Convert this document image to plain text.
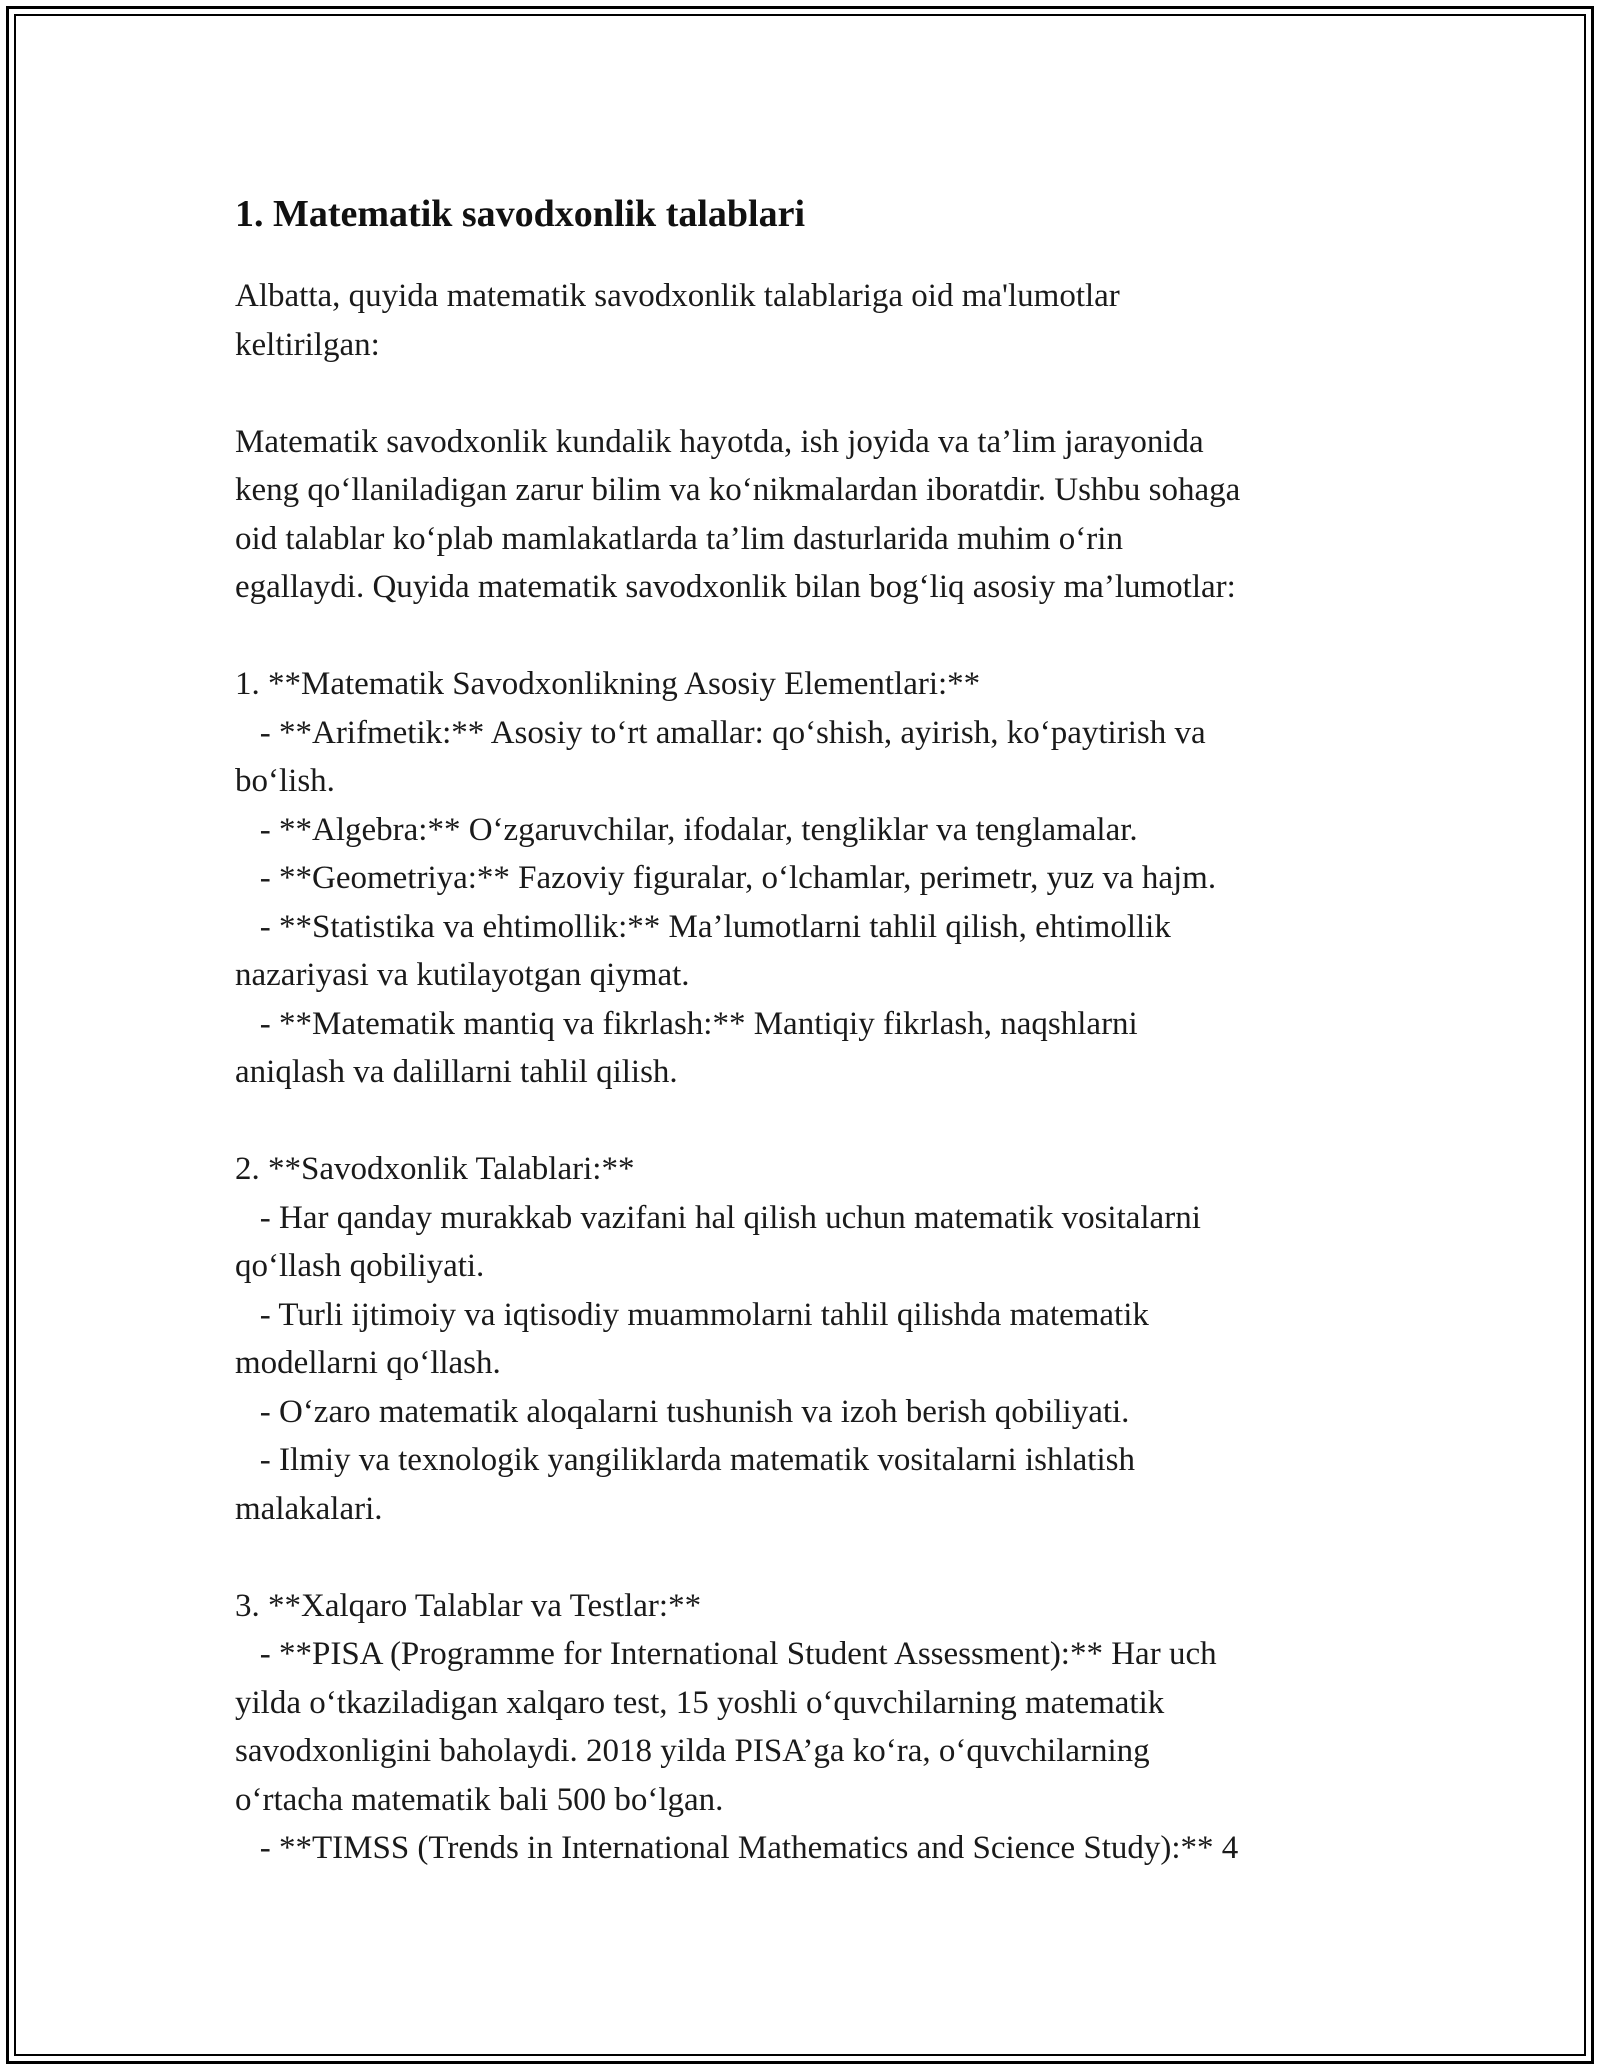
1. Matematik savodxonlik talablari

Albatta, quyida matematik savodxonlik talablariga oid ma'lumotlar
keltirilgan:

Matematik savodxonlik kundalik hayotda, ish joyida va ta’lim jarayonida
keng qo‘llaniladigan zarur bilim va ko‘nikmalardan iboratdir. Ushbu sohaga
oid talablar ko‘plab mamlakatlarda ta’lim dasturlarida muhim o‘rin
egallaydi. Quyida matematik savodxonlik bilan bog‘liq asosiy ma’lumotlar:

1. **Matematik Savodxonlikning Asosiy Elementlari:**
- **Arifmetik:** Asosiy to‘rt amallar: qo‘shish, ayirish, ko‘paytirish va
bo‘lish.
- **Algebra:** O‘zgaruvchilar, ifodalar, tengliklar va tenglamalar.
- **Geometriya:** Fazoviy figuralar, o‘lchamlar, perimetr, yuz va hajm.
- **Statistika va ehtimollik:** Ma’lumotlarni tahlil qilish, ehtimollik
nazariyasi va kutilayotgan qiymat.
- **Matematik mantiq va fikrlash:** Mantiqiy fikrlash, naqshlarni
aniqlash va dalillarni tahlil qilish.

2. **Savodxonlik Talablari:**
- Har qanday murakkab vazifani hal qilish uchun matematik vositalarni
qo‘llash qobiliyati.
- Turli ijtimoiy va iqtisodiy muammolarni tahlil qilishda matematik
modellarni qo‘llash.
- O‘zaro matematik aloqalarni tushunish va izoh berish qobiliyati.
- Ilmiy va texnologik yangiliklarda matematik vositalarni ishlatish
malakalari.

3. **Xalqaro Talablar va Testlar:**
- **PISA (Programme for International Student Assessment):** Har uch
yilda o‘tkaziladigan xalqaro test, 15 yoshli o‘quvchilarning matematik
savodxonligini baholaydi. 2018 yilda PISA’ga ko‘ra, o‘quvchilarning
o‘rtacha matematik bali 500 bo‘lgan.
- **TIMSS (Trends in International Mathematics and Science Study):** 4
